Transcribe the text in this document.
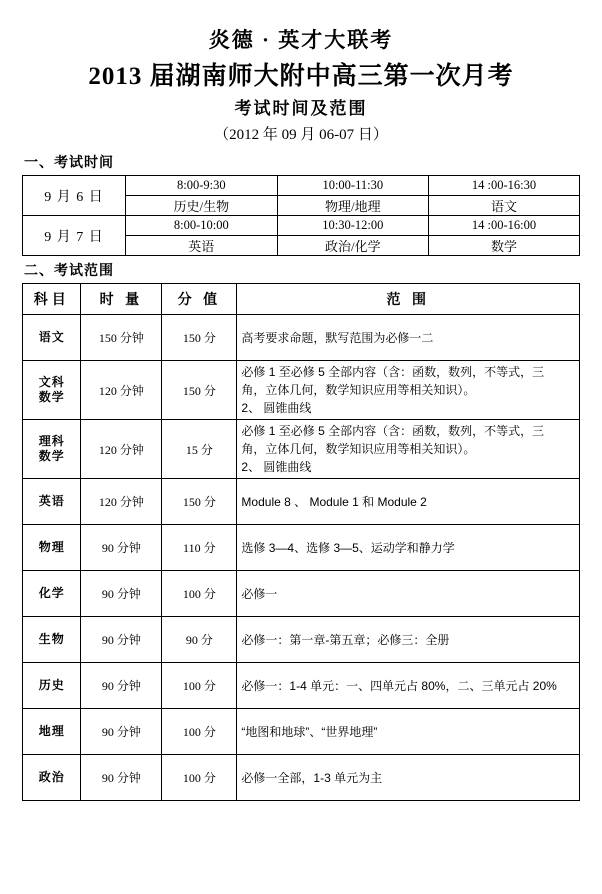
炎德 · 英才大联考
2013 届湖南师大附中高三第一次月考
考试时间及范围
（2012 年 09 月 06-07 日）
一、考试时间
9 月 6 日	8:00-9:30	10:00-11:30	14 :00-16:30
	历史/生物	物理/地理	语文
9 月 7 日	8:00-10:00	10:30-12:00	14 :00-16:00
	英语	政治/化学	数学
二、考试范围
科目	时 量	分 值	范 围
语文	150 分钟	150 分	高考要求命题，默写范围为必修一二

文科
数学	120 分钟	150 分	必修 1 至必修 5 全部内容（含：函数，数列，不等式，三
角，立体几何，数学知识应用等相关知识）。
2、 圆锥曲线

理科
数学	120 分钟	15 分	必修 1 至必修 5 全部内容（含：函数，数列，不等式，三
角，立体几何，数学知识应用等相关知识）。
2、 圆锥曲线

英语	120 分钟	150 分	Module 8 、 Module 1 和 Module 2

物理	90 分钟	110 分	选修 3—4、选修 3—5、运动学和静力学

化学	90 分钟	100 分	必修一

生物	90 分钟	90 分	必修一：第一章-第五章；必修三：全册

历史	90 分钟	100 分	必修一：1-4 单元：一、四单元占 80%，二、三单元占 20%

地理	90 分钟	100 分	“地图和地球”、“世界地理”

政治	90 分钟	100 分	必修一全部，1-3 单元为主
